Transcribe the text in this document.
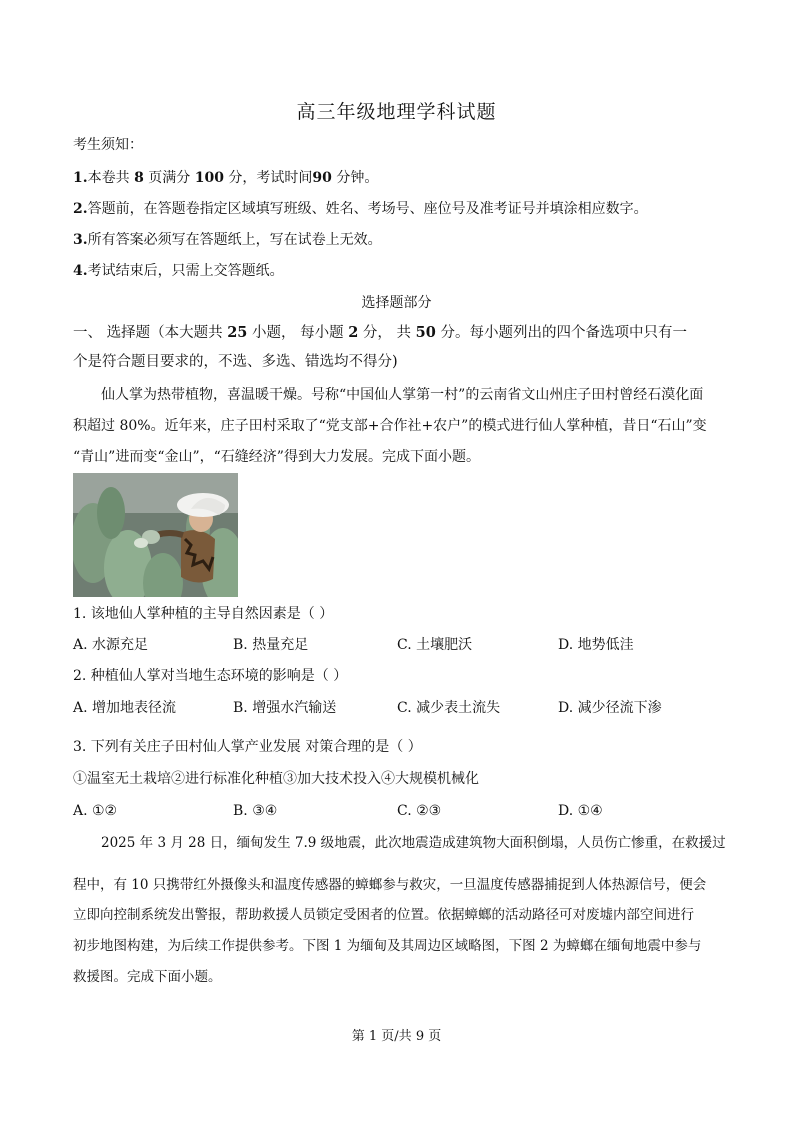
高三年级地理学科试题
考生须知：
1.本卷共 8 页满分 100 分，考试时间90 分钟。
2.答题前，在答题卷指定区域填写班级、姓名、考场号、座位号及准考证号并填涂相应数字。
3.所有答案必须写在答题纸上，写在试卷上无效。
4.考试结束后，只需上交答题纸。
选择题部分
一、 选择题（本大题共 25 小题， 每小题 2 分， 共 50 分。每小题列出的四个备选项中只有一
个是符合题目要求的，不选、多选、错选均不得分)
仙人掌为热带植物，喜温暖干燥。号称“中国仙人掌第一村”的云南省文山州庄子田村曾经石漠化面
积超过 80%。近年来，庄子田村采取了“党支部+合作社+农户”的模式进行仙人掌种植，昔日“石山”变
“青山”进而变“金山”，“石缝经济”得到大力发展。完成下面小题。
1. 该地仙人掌种植的主导自然因素是（ ）
A. 水源充足	B. 热量充足	C. 土壤肥沃	D. 地势低洼
2. 种植仙人掌对当地生态环境的影响是（ ）
A. 增加地表径流	B. 增强水汽输送	C. 减少表土流失	D. 减少径流下渗
3. 下列有关庄子田村仙人掌产业发展 对策合理的是（ ）
①温室无土栽培②进行标准化种植③加大技术投入④大规模机械化
A. ①②	B. ③④	C. ②③	D. ①④
2025 年 3 月 28 日，缅甸发生 7.9 级地震，此次地震造成建筑物大面积倒塌，人员伤亡惨重，在救援过
程中，有 10 只携带红外摄像头和温度传感器的蟑螂参与救灾，一旦温度传感器捕捉到人体热源信号，便会
立即向控制系统发出警报，帮助救援人员锁定受困者的位置。依据蟑螂的活动路径可对废墟内部空间进行
初步地图构建，为后续工作提供参考。下图 1 为缅甸及其周边区域略图，下图 2 为蟑螂在缅甸地震中参与
救援图。完成下面小题。
第 1 页/共 9 页
